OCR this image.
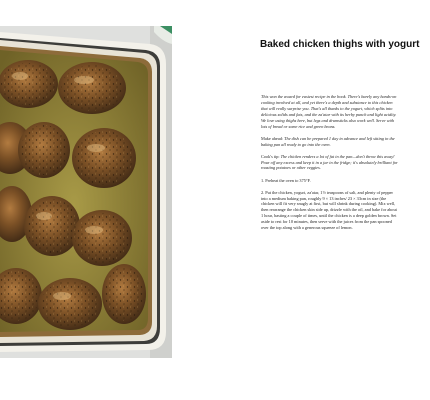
Baked chicken thighs with yogurt

This won the award for easiest recipe in the book. There's barely any hands-on cooking involved at all, and yet there's a depth and substance to this chicken that will really surprise you. That's all thanks to the yogurt, which splits into delicious solids and fats, and the za'atar with its herby punch and light acidity. We love using thighs here, but legs and drumsticks also work well. Serve with lots of bread or some rice and green beans.

Make ahead: The dish can be prepared 1 day in advance and left sitting in the baking pan all ready to go into the oven.

Cook's tip: The chicken renders a lot of fat in the pan—don't throw this away! Pour off any excess and keep it in a jar in the fridge; it's absolutely brilliant for roasting potatoes or other veggies.

1. Preheat the oven to 375°F.

2. Put the chicken, yogurt, za'atar, 1½ teaspoons of salt, and plenty of pepper into a medium baking pan, roughly 9 × 13 inches/ 23 × 33cm in size (the chicken will fit very snugly at first, but will shrink during cooking). Mix well, then rearrange the chicken skin side up, drizzle with the oil, and bake for about 1 hour, basting a couple of times, until the chicken is a deep golden brown. Set aside to rest for 10 minutes, then serve with the juices from the pan spooned over the top along with a generous squeeze of lemon.
